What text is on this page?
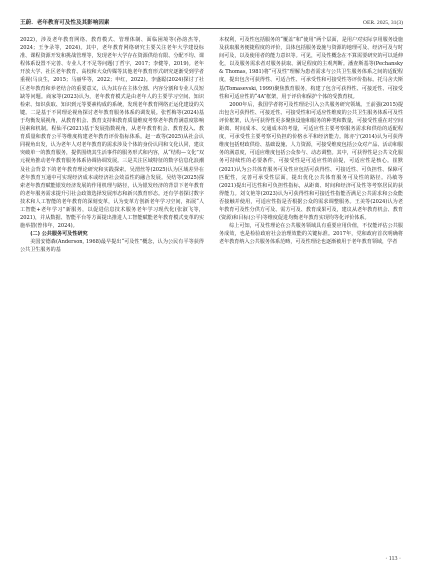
王蔚．老年教育可及性及其影响因素	OER. 2025, 31(3)

2022)，涉及老年教育网络、教育模式、管理体制、面临困境等(孙韵杰等，2024；王争录等，2024)。其中，老年教育网络研究主要关注老年大学建设标准、课程资源开发和挑战管理等，发现老年大学存在资源供给有限、分配不均、课程体系设置不完善、专业人才不足等问题(丁哲宇，2017；李健等，2019)。老年开放大学、社区老年教育、高校和大众传媒等其他老年教育形式研究逐渐受到学者重视(马良生，2015；马丽华等，2022；申红，2022)。李盛聪(2024)探讨了社区老年教育和养老结合的重要意义，认为其存在主体分割、内容分割和专业人员短缺等问题。商家等(2023)认为，老年教育模式是由老年人的主要学习空间、知识检索、知识获取、知识到元等要素构成的系统，发现老年教育网络正运化建设的关键。二是基于不同理论视角探讨老年教育服务体系的调发展。张哲梅等(2024)基于均衡发展视角，从教育机会、教育支持和教育质量维度考察老年教育满意度影响因素和机制。程仙平(2021)基于发展指数视角，从老年教育机会、教育投入、教育质量和教育公平等维度构建老年教育评价指标体系。赵一政等(2025)从社会认同视角出发，认为老年人对老年教育的需求涉及个体的身份认同和文化认同，建议突破单一的教育服务，提供围绕其生活事件的服务形式和内容，从“结构—文化”双元视角推动老年教育服务体系协调协调发展。三是关注区域特征的数字信息化浪潮及社会背景下的老年教育理论研究和实践探索。吴渭丝等(2025)认为区域差异在老年教育互通中可实现经济成本或经济社会效益性的融合发展。吴结等(2025)探索老年教育赋能银发经济发展的作用机理与路径，认为银发经济的背景下老年教育的老年服务需求提升引社会政策选择发展形态和新兴教育形态。还有学者探讨数字技术和人工智能的老年教育的深刻变革，认为变革方创新老年学习空间，拓展“人工智能+老年学习”新服务，以促进信息技术服务老年学习现代化(张淑飞等，2021)，并从数据、智能平台等方面提出推进人工智能赋能老年教育模式变革的实施举措(曾伟年，2024)。

(二) 公共服务可及性研究

美国安德森(Anderson, 1968)最早提出“可及性”概念，认为公民有平等获得公共卫生服务的基

本权利，可及性包括服务的“覆盖”和“使用”两个层面，是用户对实际享用服务设施及获取服务便捷程度的评价，具体包括服务设施与资源的地理可及、经济可及与时间可及，以及使用者的能力意识等。可见，可及性概念在不算需要研究的可以延伸化，以及服务需求者对服务获取、满足程度的主观判断。潘查斯基等(Pechansky & Thomas, 1981)将“可及性”理解为患者需求与公共卫生服务体系之间的适配程度，提出包含可获得性、可适合性、可承受性和可接受性等评价指标。托马舍夫斯基(Tomasevski, 1999)聚焦教育服务，构建了包含可获得性、可接近性、可接受性和可适应性的“4A”框架，用于评价和保护个体的受教育权。

2000年后，我国学者将可及性理论引入公共服务研究领域。王前强(2015)提出包含可获得性、可接近性、可接受性和可适应性维度的公共卫生服务体系可及性评价框架，认为可获得性更多聚焦设施和服务的种类和数量，可接受性重在对空间距离、时间成本、交通成本的考量，可适应性主要考察服务需求和供给的适配程度，可承受性主要考察可负担的价格水平和经济能力。陈亦宁(2014)认为可获得维度包括财政供给、基础设施、人力资源，可接受维度包括公众对产品、活动和服务的满意度，可适应维度包括公众参与、动态调整。其中，可获得性是公共文化服务可持续性的必要条件，可接受性是可适应性的前提，可适应性是核心。崔默(2021)认为公共体育服务可及性应包括可获得性、可接近性、可负担性、保障可匹配性，完善可承受性层面，提出优化公共体育服务可及性的路径。冯敏等(2021)提出可达性和可负担性指标，从距离、时间和经济可及性等考察居民的获得能力。刘文艳等(2023)认为可获得性和可接近性指能否满足公共需求和公众能否接触并使用，可适应性指是否根据公众的需求调整服务。王美等(2024)认为老年教育可及性分供方可及、需方可及、教育成果可及，建议从老年教育机会、教育(资源)和目标(公平)等维度促进均衡老年教育实现均等化评价体系。

综上可知，可及性理论在公共服务领域具有重要应用价值，不仅能评估公共服务成效，也是检验政府社会治理效能的关键标准。2017年，党和政府首次明确将老年教育纳入公共服务体系范畴，可及性理论也逐渐被用于老年教育领域，学者

· 113 ·
